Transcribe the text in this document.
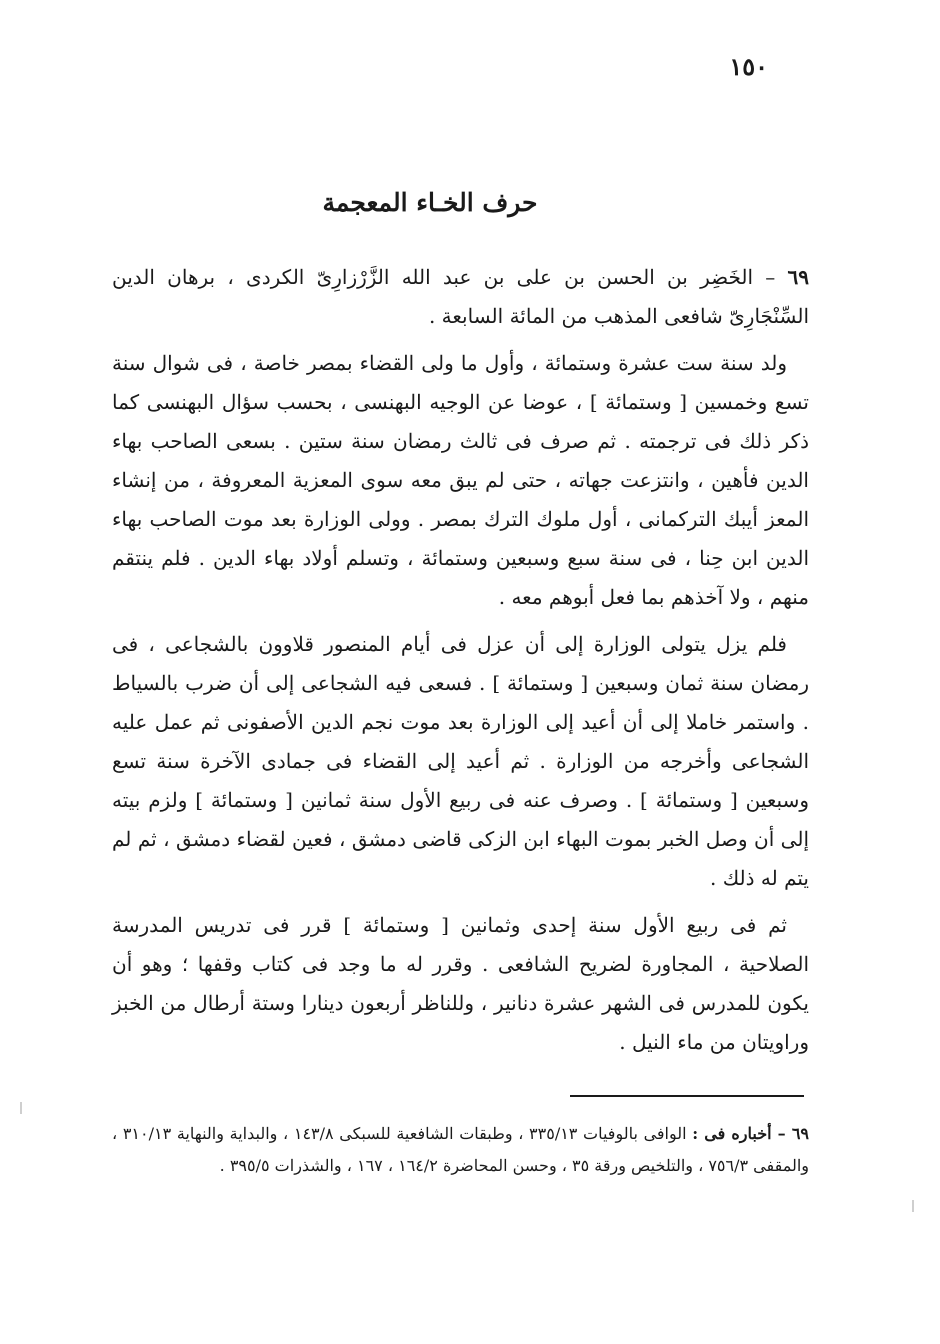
١٥٠
حرف الخـاء المعجمة

٦٩ – الخَضِر بن الحسن بن على بن عبد الله الزَّرْزارِىّ الكردى ، برهان الدين السِّنْجَارِىّ شافعى المذهب من المائة السابعة .

ولد سنة ست عشرة وستمائة ، وأول ما ولى القضاء بمصر خاصة ، فى شوال سنة تسع وخمسين [ وستمائة ] ، عوضا عن الوجيه البهنسى ، بحسب سؤال البهنسى كما ذكر ذلك فى ترجمته . ثم صرف فى ثالث رمضان سنة ستين . بسعى الصاحب بهاء الدين فأهين ، وانتزعت جهاته ، حتى لم يبق معه سوى المعزية المعروفة ، من إنشاء المعز أيبك التركمانى ، أول ملوك الترك بمصر . وولى الوزارة بعد موت الصاحب بهاء الدين ابن حِنا ، فى سنة سبع وسبعين وستمائة ، وتسلم أولاد بهاء الدين . فلم ينتقم منهم ، ولا آخذهم بما فعل أبوهم معه .

فلم يزل يتولى الوزارة إلى أن عزل فى أيام المنصور قلاوون بالشجاعى ، فى رمضان سنة ثمان وسبعين [ وستمائة ] . فسعى فيه الشجاعى إلى أن ضرب بالسياط . واستمر خاملا إلى أن أعيد إلى الوزارة بعد موت نجم الدين الأصفونى ثم عمل عليه الشجاعى وأخرجه من الوزارة . ثم أعيد إلى القضاء فى جمادى الآخرة سنة تسع وسبعين [ وستمائة ] . وصرف عنه فى ربيع الأول سنة ثمانين [ وستمائة ] ولزم بيته إلى أن وصل الخبر بموت البهاء ابن الزكى قاضى دمشق ، فعين لقضاء دمشق ، ثم لم يتم له ذلك .

ثم فى ربيع الأول سنة إحدى وثمانين [ وستمائة ] قرر فى تدريس المدرسة الصلاحية ، المجاورة لضريح الشافعى . وقرر له ما وجد فى كتاب وقفها ؛ وهو أن يكون للمدرس فى الشهر عشرة دنانير ، وللناظر أربعون دينارا وستة أرطال من الخبز وراويتان من ماء النيل .

٦٩ – أخباره فى : الوافى بالوفيات ٣٣٥/١٣ ، وطبقات الشافعية للسبكى ١٤٣/٨ ، والبداية والنهاية ٣١٠/١٣ ، والمقفى ٧٥٦/٣ ، والتلخيص ورقة ٣٥ ، وحسن المحاضرة ١٦٤/٢ ، ١٦٧ ، والشذرات ٣٩٥/٥ .
